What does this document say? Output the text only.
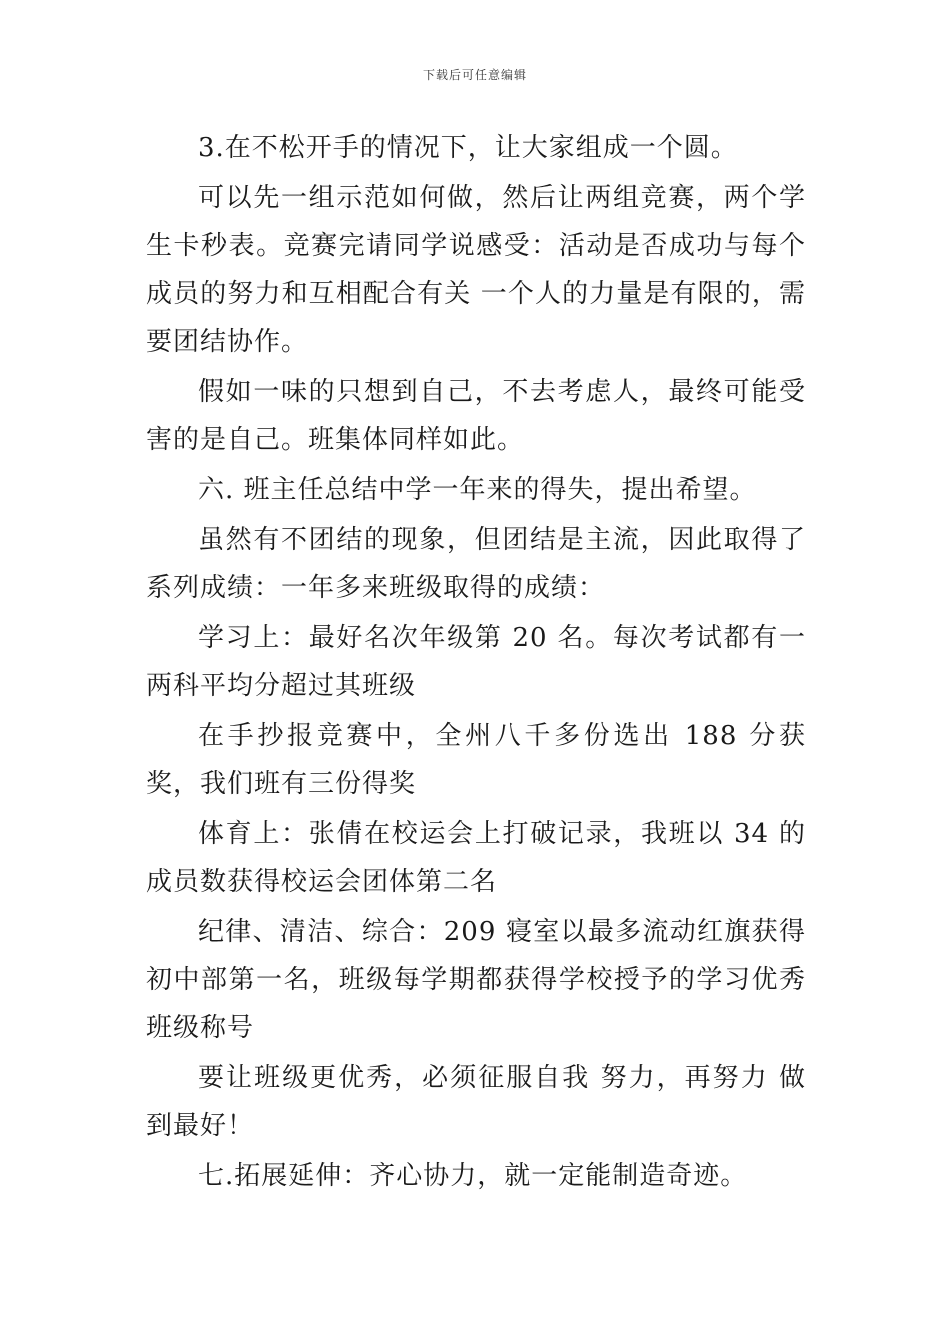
下载后可任意编辑

3.在不松开手的情况下，让大家组成一个圆。

可以先一组示范如何做，然后让两组竞赛，两个学生卡秒表。竞赛完请同学说感受：活动是否成功与每个成员的努力和互相配合有关 一个人的力量是有限的，需要团结协作。

假如一味的只想到自己，不去考虑人，最终可能受害的是自己。班集体同样如此。

六. 班主任总结中学一年来的得失，提出希望。

虽然有不团结的现象，但团结是主流，因此取得了系列成绩：一年多来班级取得的成绩：

学习上：最好名次年级第 20 名。每次考试都有一两科平均分超过其班级

在手抄报竞赛中，全州八千多份选出 188 分获奖，我们班有三份得奖

体育上：张倩在校运会上打破记录，我班以 34 的成员数获得校运会团体第二名

纪律、清洁、综合：209 寝室以最多流动红旗获得初中部第一名，班级每学期都获得学校授予的学习优秀班级称号

要让班级更优秀，必须征服自我 努力，再努力 做到最好！

七.拓展延伸：齐心协力，就一定能制造奇迹。
